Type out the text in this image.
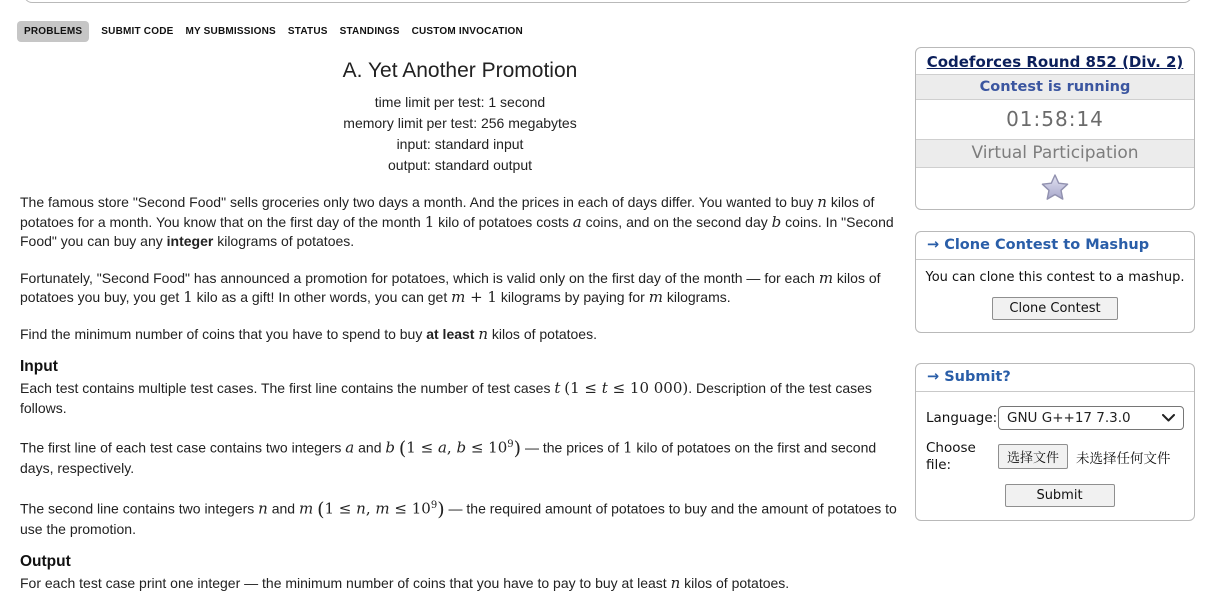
PROBLEMS	SUBMIT CODE MY SUBMISSIONS STATUS STANDINGS CUSTOM INVOCATION
A. Yet Another Promotion
time limit per test: 1 second
memory limit per test: 256 megabytes
input: standard input
output: standard output

The famous store "Second Food" sells groceries only two days a month. And the prices in each of days differ. You wanted to buy n kilos of potatoes for a month. You know that on the first day of the month 1 kilo of potatoes costs a coins, and on the second day b coins. In "Second Food" you can buy any integer kilograms of potatoes.

Fortunately, "Second Food" has announced a promotion for potatoes, which is valid only on the first day of the month — for each m kilos of potatoes you buy, you get 1 kilo as a gift! In other words, you can get m + 1 kilograms by paying for m kilograms.

Find the minimum number of coins that you have to spend to buy at least n kilos of potatoes.

Input

Each test contains multiple test cases. The first line contains the number of test cases t (1 ≤ t ≤ 10 000). Description of the test cases follows.

The first line of each test case contains two integers a and b (1 ≤ a, $b \le 10^9$) — the prices of 1 kilo of potatoes on the first and second days, respectively.

The second line contains two integers n and m (1 ≤ n, $m \le 10^9$) — the required amount of potatoes to buy and the amount of potatoes to use the promotion.

Output

For each test case print one integer — the minimum number of coins that you have to pay to buy at least n kilos of potatoes.

Codeforces Round 852 (Div. 2)
Contest is running
01:58:14
Virtual Participation
→ Clone Contest to Mashup
You can clone this contest to a mashup.
Clone Contest
→ Submit?
Language: GNU G++17 7.3.0
Choose file:	选择文件	未选择任何文件
Submit
